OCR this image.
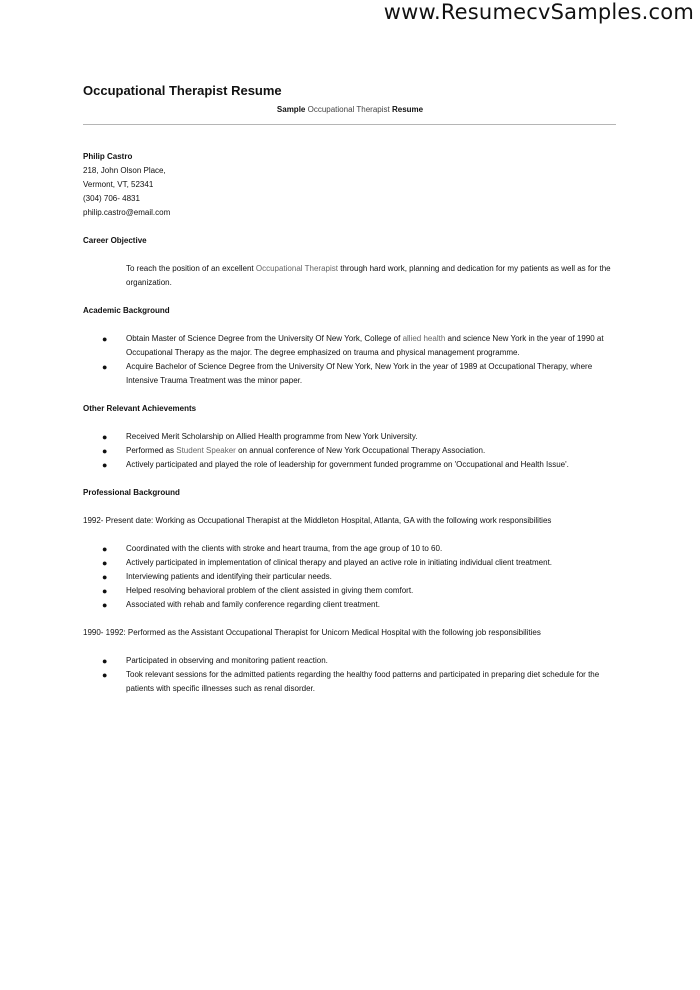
www.ResumecvSamples.com
Occupational Therapist Resume
Sample Occupational Therapist Resume
Philip Castro
218, John Olson Place,
Vermont, VT, 52341
(304) 706- 4831
philip.castro@email.com
Career Objective
To reach the position of an excellent Occupational Therapist through hard work, planning and dedication for my patients as well as for the organization.
Academic Background
● Obtain Master of Science Degree from the University Of New York, College of allied health and science New York in the year of 1990 at Occupational Therapy as the major. The degree emphasized on trauma and physical management programme.
● Acquire Bachelor of Science Degree from the University Of New York, New York in the year of 1989 at Occupational Therapy, where Intensive Trauma Treatment was the minor paper.
Other Relevant Achievements
● Received Merit Scholarship on Allied Health programme from New York University.
● Performed as Student Speaker on annual conference of New York Occupational Therapy Association.
● Actively participated and played the role of leadership for government funded programme on 'Occupational and Health Issue'.
Professional Background
1992- Present date: Working as Occupational Therapist at the Middleton Hospital, Atlanta, GA with the following work responsibilities
● Coordinated with the clients with stroke and heart trauma, from the age group of 10 to 60.
● Actively participated in implementation of clinical therapy and played an active role in initiating individual client treatment.
● Interviewing patients and identifying their particular needs.
● Helped resolving behavioral problem of the client assisted in giving them comfort.
● Associated with rehab and family conference regarding client treatment.
1990- 1992: Performed as the Assistant Occupational Therapist for Unicorn Medical Hospital with the following job responsibilities
● Participated in observing and monitoring patient reaction.
● Took relevant sessions for the admitted patients regarding the healthy food patterns and participated in preparing diet schedule for the patients with specific illnesses such as renal disorder.
